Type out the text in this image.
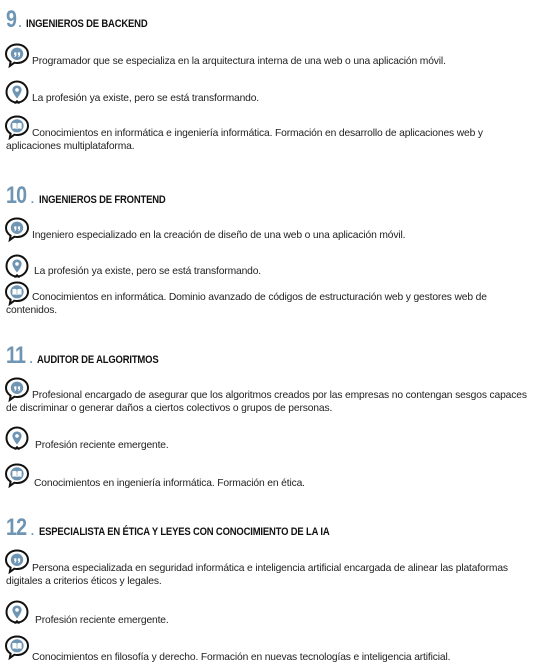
9 . INGENIEROS DE BACKEND
Programador que se especializa en la arquitectura interna de una web o una aplicación móvil.
La profesión ya existe, pero se está transformando.
Conocimientos en informática e ingeniería informática. Formación en desarrollo de aplicaciones web y aplicaciones multiplataforma.
10 . INGENIEROS DE FRONTEND
Ingeniero especializado en la creación de diseño de una web o una aplicación móvil.
La profesión ya existe, pero se está transformando.
Conocimientos en informática. Dominio avanzado de códigos de estructuración web y gestores web de contenidos.
11 . AUDITOR DE ALGORITMOS
Profesional encargado de asegurar que los algoritmos creados por las empresas no contengan sesgos capaces de discriminar o generar daños a ciertos colectivos o grupos de personas.
Profesión reciente emergente.
Conocimientos en ingeniería informática. Formación en ética.
12 . ESPECIALISTA EN ÉTICA Y LEYES CON CONOCIMIENTO DE LA IA
Persona especializada en seguridad informática e inteligencia artificial encargada de alinear las plataformas digitales a criterios éticos y legales.
Profesión reciente emergente.
Conocimientos en filosofía y derecho. Formación en nuevas tecnologías e inteligencia artificial.
